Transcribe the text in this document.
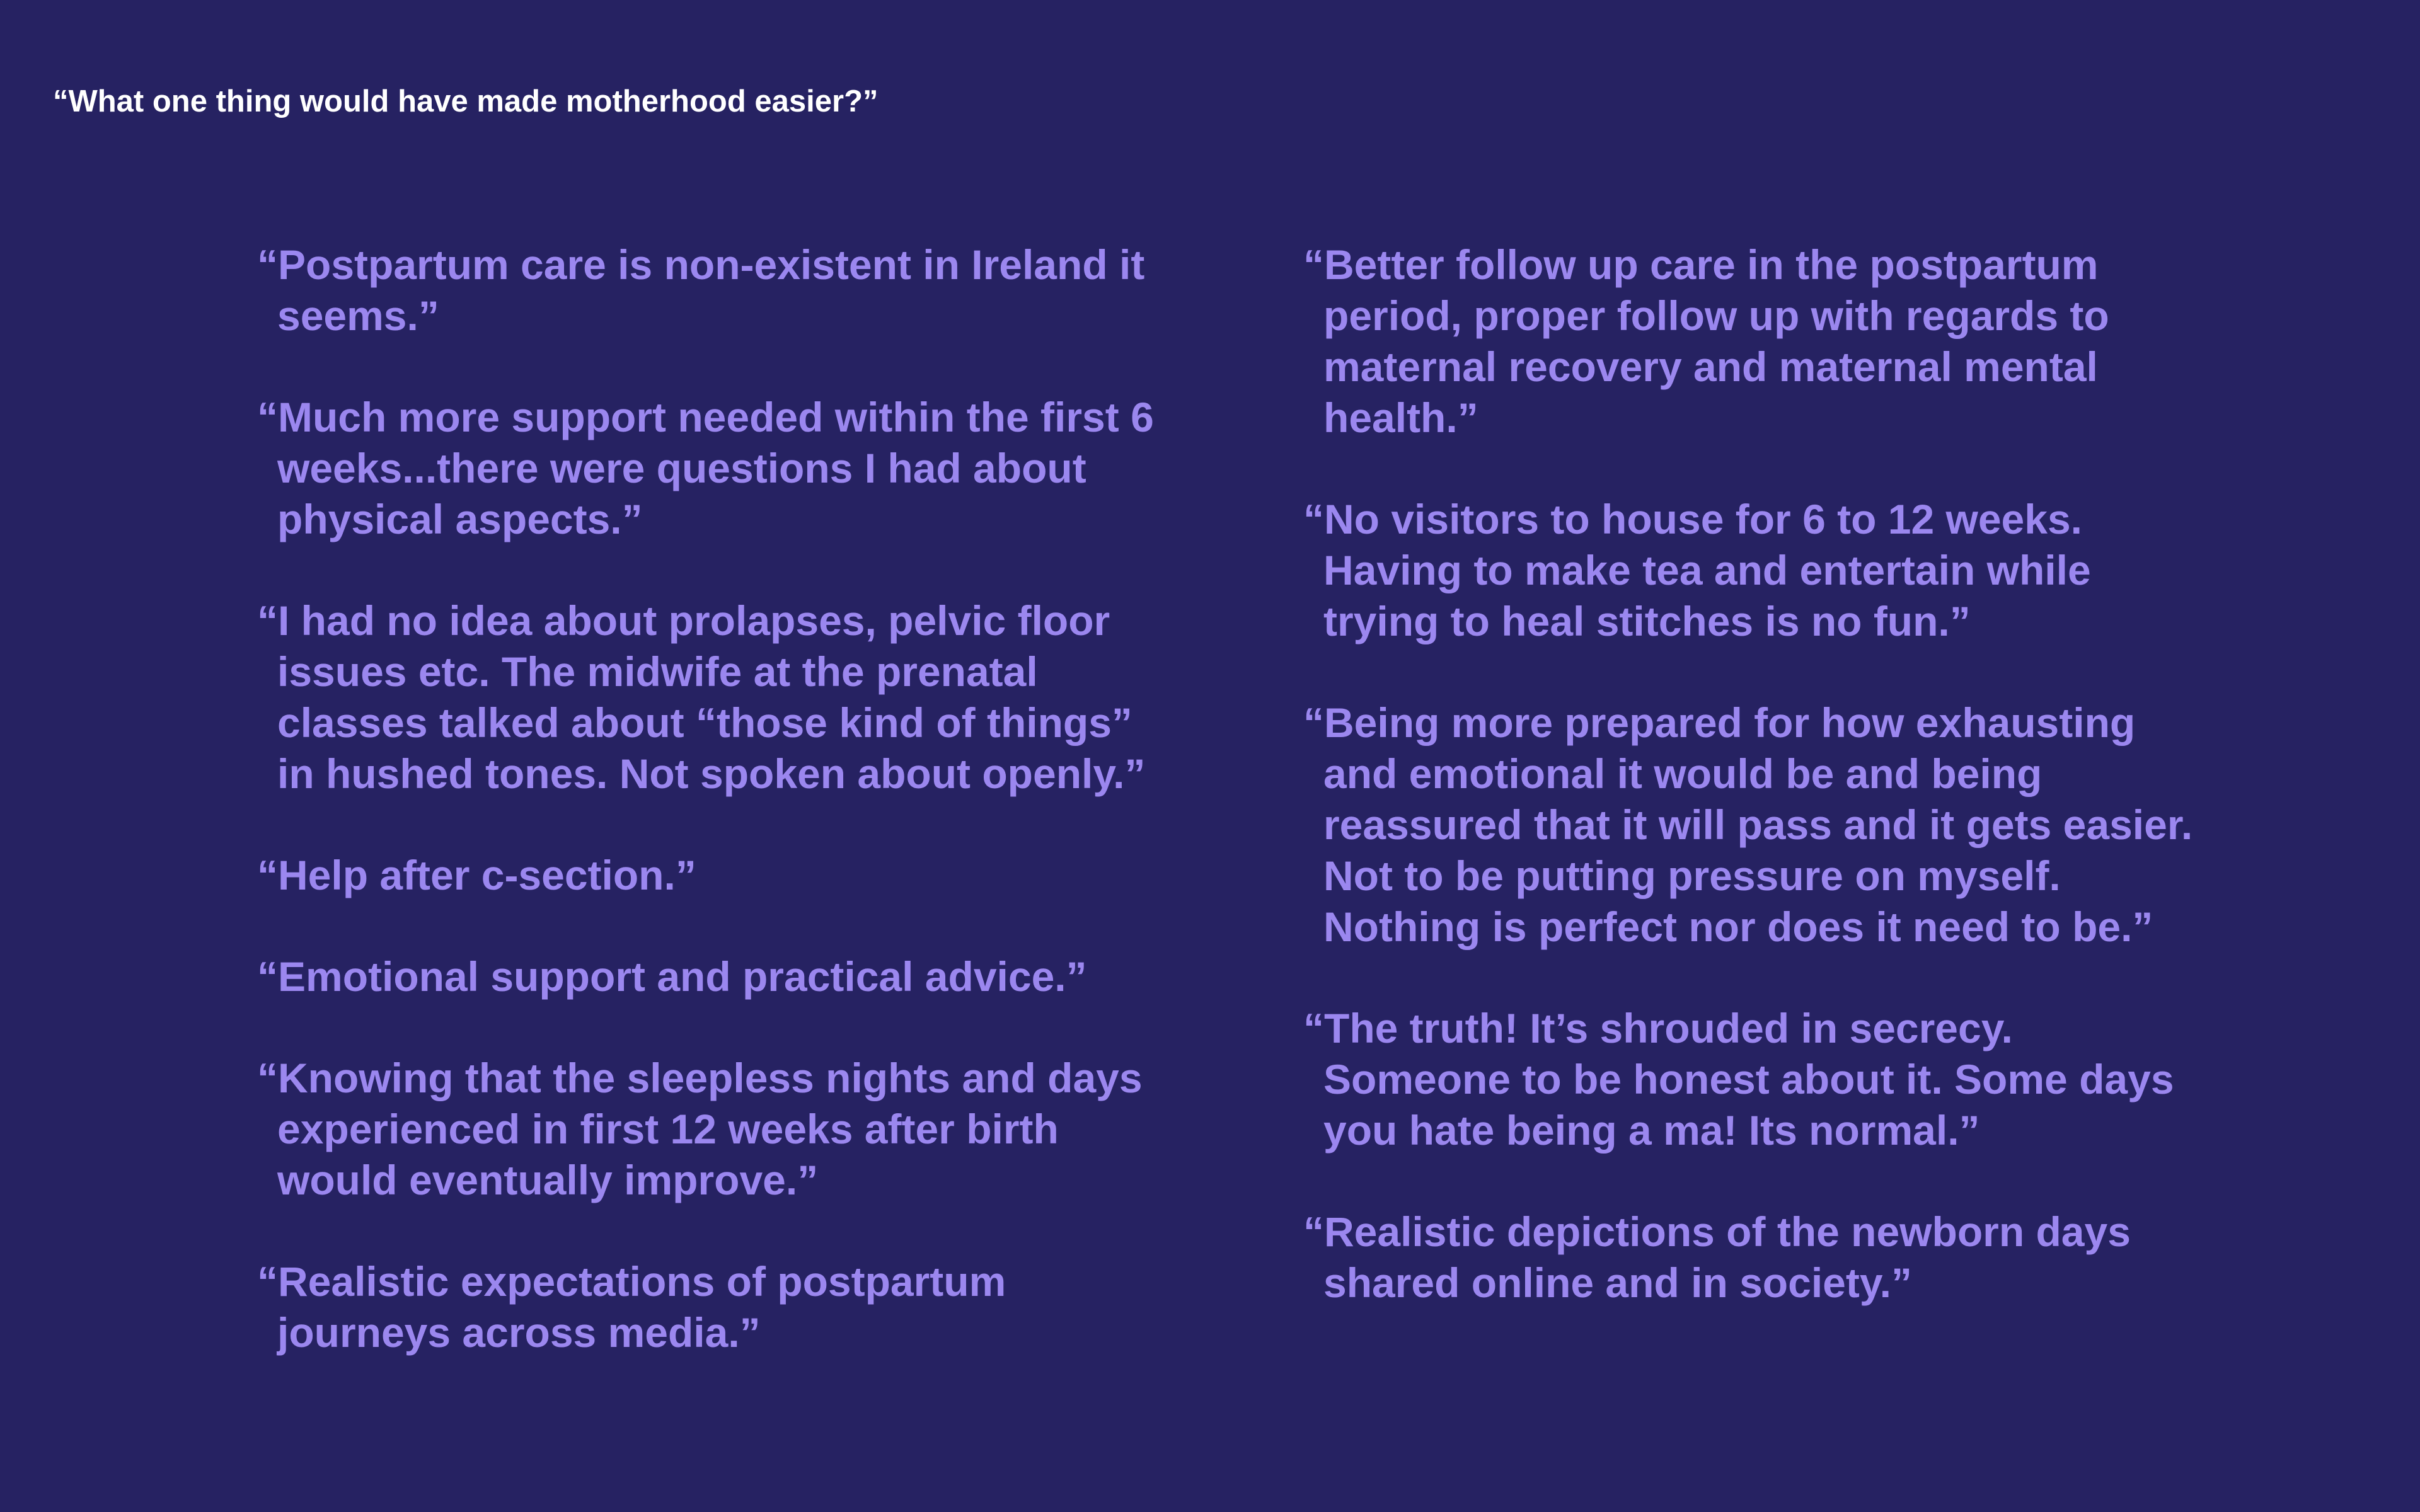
“What one thing would have made motherhood easier?”

“Postpartum care is non-existent in Ireland it seems.”

“Much more support needed within the first 6 weeks...there were questions I had about physical aspects.”

“I had no idea about prolapses, pelvic floor issues etc. The midwife at the prenatal classes talked about “those kind of things” in hushed tones. Not spoken about openly.”

“Help after c-section.”

“Emotional support and practical advice.”

“Knowing that the sleepless nights and days experienced in first 12 weeks after birth would eventually improve.”

“Realistic expectations of postpartum journeys across media.”

“Better follow up care in the postpartum period, proper follow up with regards to maternal recovery and maternal mental health.”

“No visitors to house for 6 to 12 weeks. Having to make tea and entertain while trying to heal stitches is no fun.”

“Being more prepared for how exhausting and emotional it would be and being reassured that it will pass and it gets easier. Not to be putting pressure on myself. Nothing is perfect nor does it need to be.”

“The truth! It’s shrouded in secrecy. Someone to be honest about it. Some days you hate being a ma! Its normal.”

“Realistic depictions of the newborn days shared online and in society.”
